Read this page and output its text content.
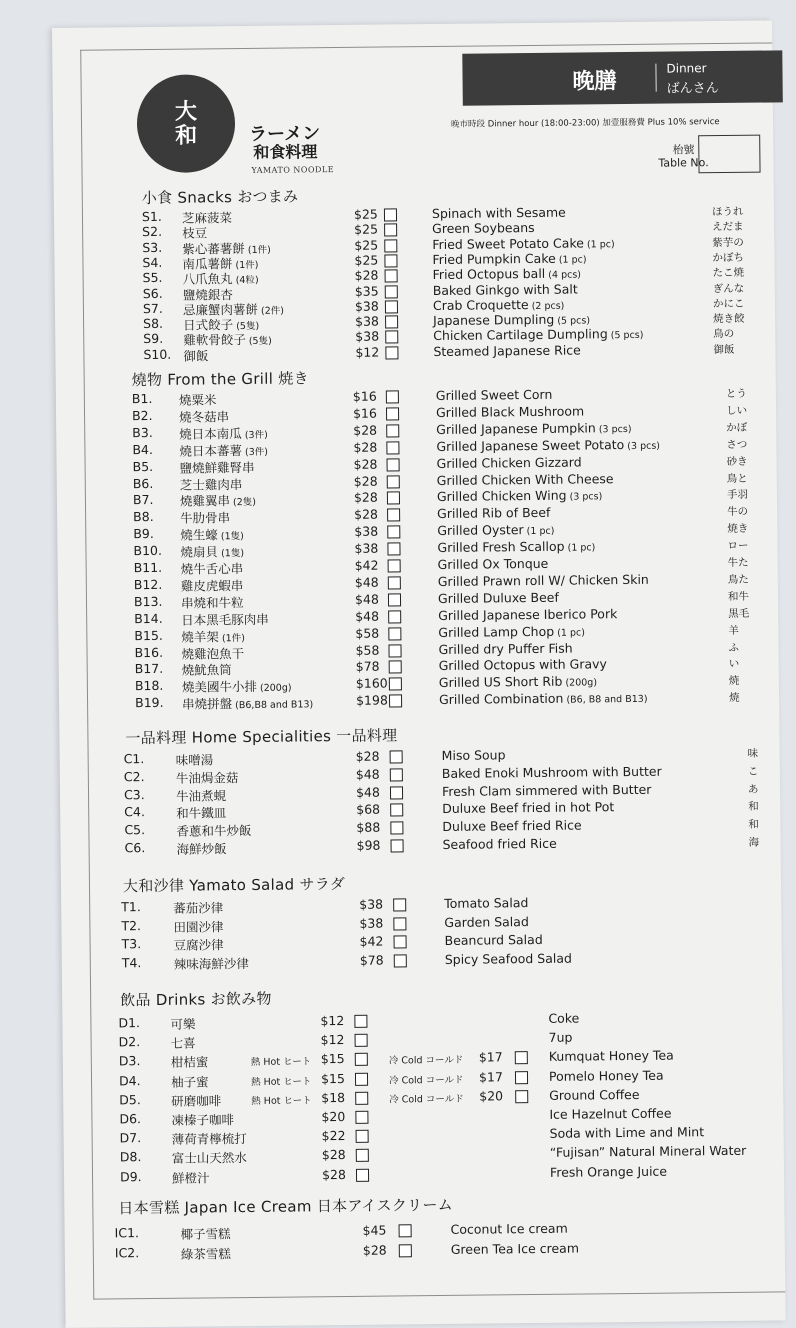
大
和	ラーメン
和食料理
YAMATO NOODLE
晚膳
Dinner
ばんさん
晚市時段 Dinner hour (18:00-23:00) 加壹服務費 Plus 10% service
枱號
Table No.
小食 Snacks おつまみ
S1. 芝麻菠菜	$25	Spinach with Sesame	ほうれ
S2. 枝豆	$25	Green Soybeans	えだま
S3. 紫心蕃薯餅 (1件)	$25	Fried Sweet Potato Cake (1 pc)	紫芋の
S4. 南瓜薯餅 (1件)	$25	Fried Pumpkin Cake (1 pc)	かぼち
S5. 八爪魚丸 (4粒)	$28	Fried Octopus ball (4 pcs)	たこ焼
S6. 鹽燒銀杏	$35	Baked Ginkgo with Salt	ぎんな
S7. 忌廉蟹肉薯餅 (2件)	$38	Crab Croquette (2 pcs)	かにこ
S8. 日式餃子 (5隻)	$38	Japanese Dumpling (5 pcs)	焼き餃
S9. 雞軟骨餃子 (5隻)	$38	Chicken Cartilage Dumpling (5 pcs)	鳥の
S10. 御飯	$12	Steamed Japanese Rice	御飯
燒物 From the Grill 焼き
B1. 燒粟米	$16	Grilled Sweet Corn	とう
B2. 燒冬菇串	$16	Grilled Black Mushroom	しい
B3. 燒日本南瓜 (3件)	$28	Grilled Japanese Pumpkin (3 pcs)	かぼ
B4. 燒日本蕃薯 (3件)	$28	Grilled Japanese Sweet Potato (3 pcs)	さつ
B5. 鹽燒鮮雞腎串	$28	Grilled Chicken Gizzard	砂き
B6. 芝士雞肉串	$28	Grilled Chicken With Cheese	鳥と
B7. 燒雞翼串 (2隻)	$28	Grilled Chicken Wing (3 pcs)	手羽
B8. 牛肋骨串	$28	Grilled Rib of Beef	牛の
B9. 燒生蠔 (1隻)	$38	Grilled Oyster (1 pc)	焼き
B10. 燒扇貝 (1隻)	$38	Grilled Fresh Scallop (1 pc)	ロー
B11. 燒牛舌心串	$42	Grilled Ox Tonque	牛た
B12. 雞皮虎蝦串	$48	Grilled Prawn roll W/ Chicken Skin	鳥た
B13. 串燒和牛粒	$48	Grilled Duluxe Beef	和牛
B14. 日本黑毛豚肉串	$48	Grilled Japanese Iberico Pork	黒毛
B15. 燒羊架 (1件)	$58	Grilled Lamp Chop (1 pc)	羊
B16. 燒雞泡魚干	$58	Grilled dry Puffer Fish	ふ
B17. 燒魷魚筒	$78	Grilled Octopus with Gravy	い
B18. 燒美國牛小排 (200g)	$160	Grilled US Short Rib (200g)	焼
B19. 串燒拼盤 (B6,B8 and B13)	$198	Grilled Combination (B6, B8 and B13)	焼
一品料理 Home Specialities 一品料理
C1. 味噌湯	$28	Miso Soup	味
C2. 牛油焗金菇	$48	Baked Enoki Mushroom with Butter	こ
C3. 牛油煮蜆	$48	Fresh Clam simmered with Butter	あ
C4. 和牛鐵皿	$68	Duluxe Beef fried in hot Pot	和
C5. 香蔥和牛炒飯	$88	Duluxe Beef fried Rice	和
C6. 海鮮炒飯	$98	Seafood fried Rice	海
大和沙律 Yamato Salad サラダ
T1.	蕃茄沙律	$38	Tomato Salad
T2.	田園沙律	$38	Garden Salad
T3.	豆腐沙律	$42	Beancurd Salad
T4.	辣味海鮮沙律	$78	Spicy Seafood Salad
飲品 Drinks お飲み物
D1. 可樂	$12	Coke
D2. 七喜	$12	7up
D3. 柑桔蜜	熱 Hot ヒート $15	冷 Cold コールド $17	Kumquat Honey Tea
D4. 柚子蜜	熱 Hot ヒート $15	冷 Cold コールド $17	Pomelo Honey Tea
D5. 研磨咖啡	熱 Hot ヒート $18	冷 Cold コールド $20	Ground Coffee
D6. 凍榛子咖啡	$20	Ice Hazelnut Coffee
D7. 薄荷青檸梳打	$22	Soda with Lime and Mint
D8. 富士山天然水	$28	“Fujisan” Natural Mineral Water
D9. 鮮橙汁	$28	Fresh Orange Juice
日本雪糕 Japan Ice Cream 日本アイスクリーム
IC1.	椰子雪糕	$45	Coconut Ice cream
IC2.	綠茶雪糕	$28	Green Tea Ice cream
